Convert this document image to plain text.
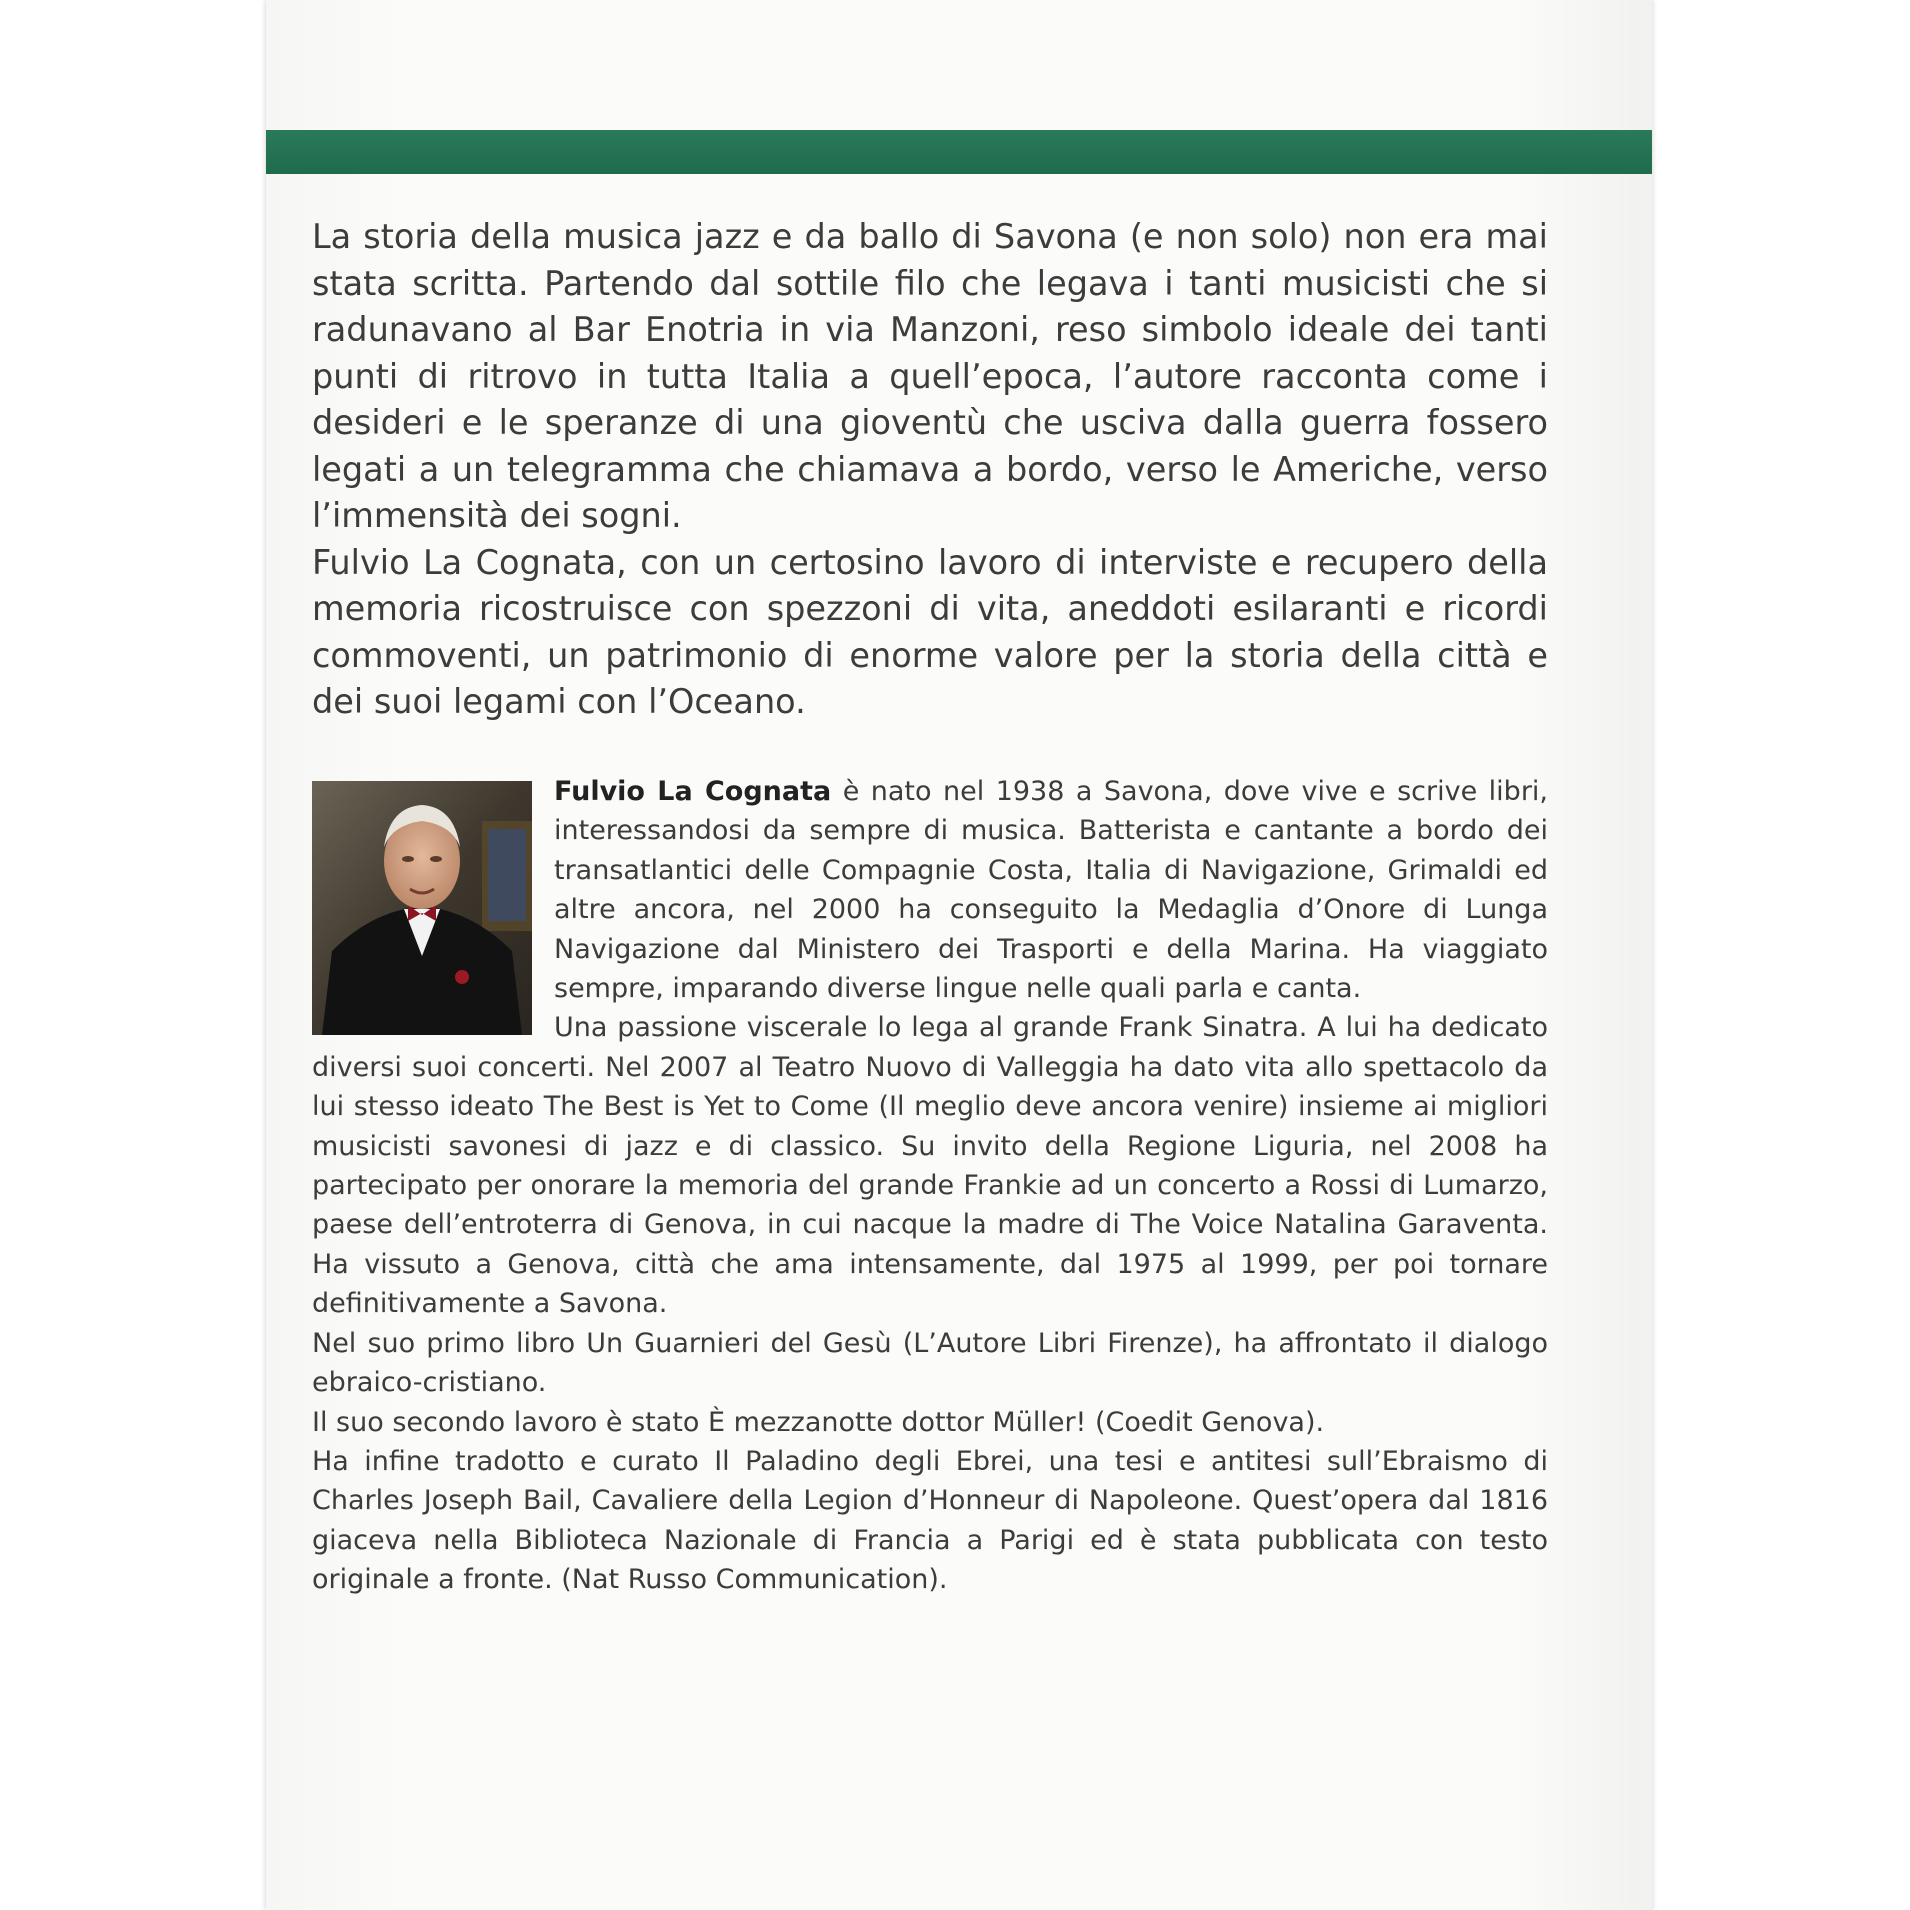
La storia della musica jazz e da ballo di Savona (e non solo) non era mai stata scritta. Partendo dal sottile filo che legava i tanti musicisti che si radunavano al Bar Enotria in via Manzoni, reso simbolo ideale dei tanti punti di ritrovo in tutta Italia a quell’epoca, l’autore racconta come i desideri e le speranze di una gioventù che usciva dalla guerra fossero legati a un telegramma che chiamava a bordo, verso le Americhe, verso l’immensità dei sogni.

Fulvio La Cognata, con un certosino lavoro di interviste e recupero della memoria ricostruisce con spezzoni di vita, aneddoti esilaranti e ricordi commoventi, un patrimonio di enorme valore per la storia della città e dei suoi legami con l’Oceano.

Fulvio La Cognata è nato nel 1938 a Savona, dove vive e scrive libri, interessandosi da sempre di musica. Batterista e cantante a bordo dei transatlantici delle Compagnie Costa, Italia di Navigazione, Grimaldi ed altre ancora, nel 2000 ha conseguito la Medaglia d’Onore di Lunga Navigazione dal Ministero dei Trasporti e della Marina. Ha viaggiato sempre, imparando diverse lingue nelle quali parla e canta.

Una passione viscerale lo lega al grande Frank Sinatra. A lui ha dedicato diversi suoi concerti. Nel 2007 al Teatro Nuovo di Valleggia ha dato vita allo spettacolo da lui stesso ideato The Best is Yet to Come (Il meglio deve ancora venire) insieme ai migliori musicisti savonesi di jazz e di classico. Su invito della Regione Liguria, nel 2008 ha partecipato per onorare la memoria del grande Frankie ad un concerto a Rossi di Lumarzo, paese dell’entroterra di Genova, in cui nacque la madre di The Voice Natalina Garaventa. Ha vissuto a Genova, città che ama intensamente, dal 1975 al 1999, per poi tornare definitivamente a Savona.

Nel suo primo libro Un Guarnieri del Gesù (L’Autore Libri Firenze), ha affrontato il dialogo ebraico-cristiano.

Il suo secondo lavoro è stato È mezzanotte dottor Müller! (Coedit Genova).

Ha infine tradotto e curato Il Paladino degli Ebrei, una tesi e antitesi sull’Ebraismo di Charles Joseph Bail, Cavaliere della Legion d’Honneur di Napoleone. Quest’opera dal 1816 giaceva nella Biblioteca Nazionale di Francia a Parigi ed è stata pubblicata con testo originale a fronte. (Nat Russo Communication).
